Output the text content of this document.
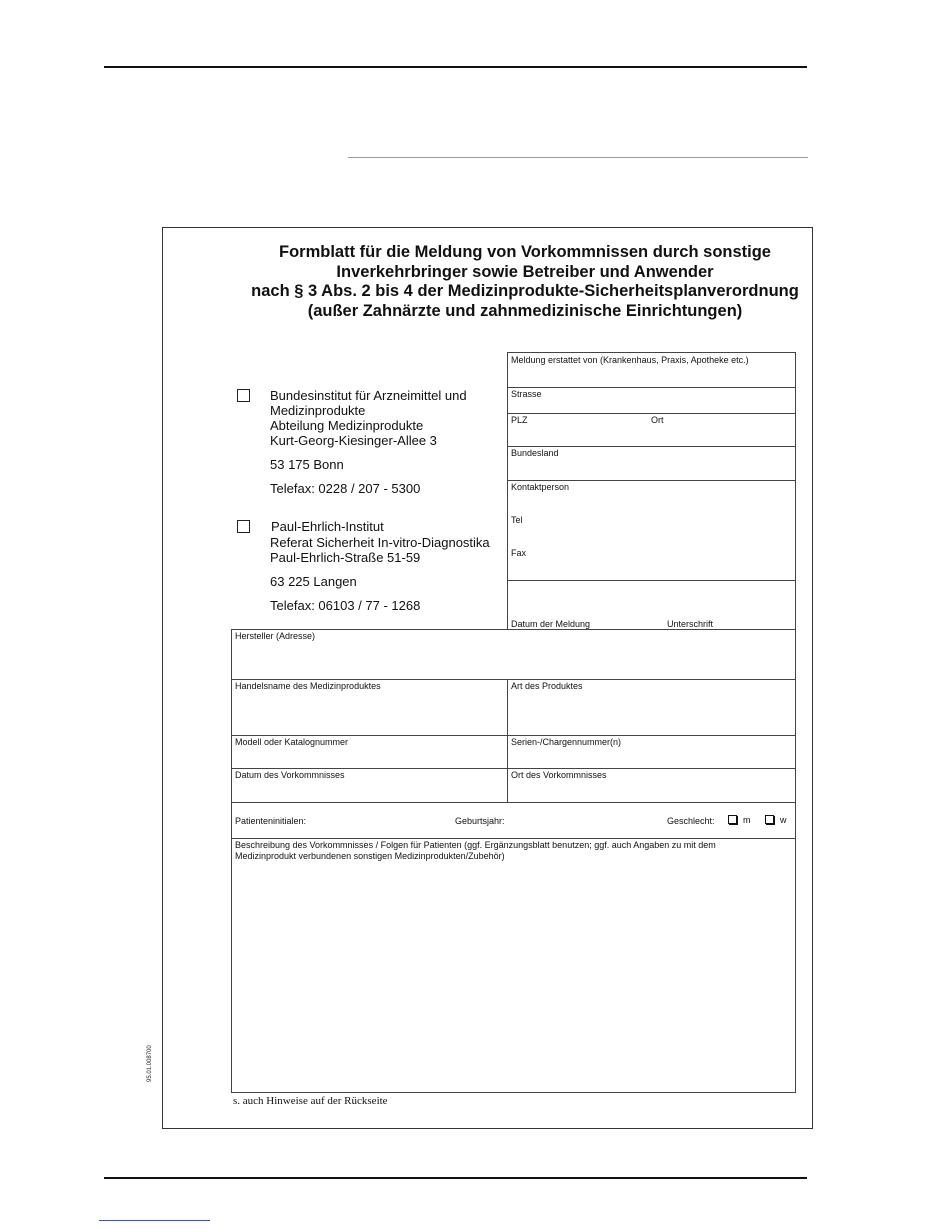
Formblatt für die Meldung von Vorkommnissen durch sonstige
Inverkehrbringer sowie Betreiber und Anwender
nach § 3 Abs. 2 bis 4 der Medizinprodukte-Sicherheitsplanverordnung
(außer Zahnärzte und zahnmedizinische Einrichtungen)
Bundesinstitut für Arzneimittel und
Medizinprodukte
Abteilung Medizinprodukte
Kurt-Georg-Kiesinger-Allee 3
53 175 Bonn
Telefax: 0228 / 207 - 5300
Paul-Ehrlich-Institut
Referat Sicherheit In-vitro-Diagnostika
Paul-Ehrlich-Straße 51-59
63 225 Langen
Telefax: 06103 / 77 - 1268
Meldung erstattet von (Krankenhaus, Praxis, Apotheke etc.)
Strasse
PLZ	Ort
Bundesland
Kontaktperson
Tel
Fax
Datum der Meldung	Unterschrift
Hersteller (Adresse)
Handelsname des Medizinproduktes	Art des Produktes
Modell oder Katalognummer	Serien-/Chargennummer(n)
Datum des Vorkommnisses	Ort des Vorkommnisses
Patienteninitialen:	Geburtsjahr:	Geschlecht:	m	w
Beschreibung des Vorkommnisses / Folgen für Patienten (ggf. Ergänzungsblatt benutzen; ggf. auch Angaben zu mit dem
Medizinprodukt verbundenen sonstigen Medizinprodukten/Zubehör)
s. auch Hinweise auf der Rückseite
95.01.008700
